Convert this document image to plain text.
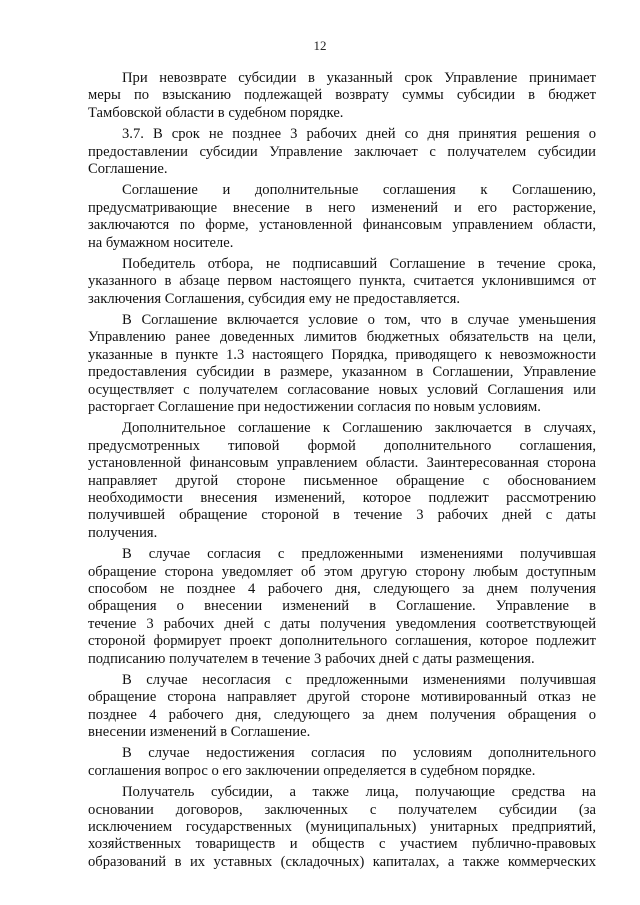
12
При невозврате субсидии в указанный срок Управление принимает
меры по взысканию подлежащей возврату суммы субсидии в бюджет
Тамбовской области в судебном порядке.
3.7. В срок не позднее 3 рабочих дней со дня принятия решения о
предоставлении субсидии Управление заключает с получателем субсидии
Соглашение.
Соглашение и дополнительные соглашения к Соглашению,
предусматривающие внесение в него изменений и его расторжение,
заключаются по форме, установленной финансовым управлением области,
на бумажном носителе.
Победитель отбора, не подписавший Соглашение в течение срока,
указанного в абзаце первом настоящего пункта, считается уклонившимся от
заключения Соглашения, субсидия ему не предоставляется.
В Соглашение включается условие о том, что в случае уменьшения
Управлению ранее доведенных лимитов бюджетных обязательств на цели,
указанные в пункте 1.3 настоящего Порядка, приводящего к невозможности
предоставления субсидии в размере, указанном в Соглашении, Управление
осуществляет с получателем согласование новых условий Соглашения или
расторгает Соглашение при недостижении согласия по новым условиям.
Дополнительное соглашение к Соглашению заключается в случаях,
предусмотренных типовой формой дополнительного соглашения,
установленной финансовым управлением области. Заинтересованная сторона
направляет другой стороне письменное обращение с обоснованием
необходимости внесения изменений, которое подлежит рассмотрению
получившей обращение стороной в течение 3 рабочих дней с даты
получения.
В случае согласия с предложенными изменениями получившая
обращение сторона уведомляет об этом другую сторону любым доступным
способом не позднее 4 рабочего дня, следующего за днем получения
обращения о внесении изменений в Соглашение. Управление в
течение 3 рабочих дней с даты получения уведомления соответствующей
стороной формирует проект дополнительного соглашения, которое подлежит
подписанию получателем в течение 3 рабочих дней с даты размещения.
В случае несогласия с предложенными изменениями получившая
обращение сторона направляет другой стороне мотивированный отказ не
позднее 4 рабочего дня, следующего за днем получения обращения о
внесении изменений в Соглашение.
В случае недостижения согласия по условиям дополнительного
соглашения вопрос о его заключении определяется в судебном порядке.
Получатель субсидии, а также лица, получающие средства на
основании договоров, заключенных с получателем субсидии (за
исключением государственных (муниципальных) унитарных предприятий,
хозяйственных товариществ и обществ с участием публично-правовых
образований в их уставных (складочных) капиталах, а также коммерческих
